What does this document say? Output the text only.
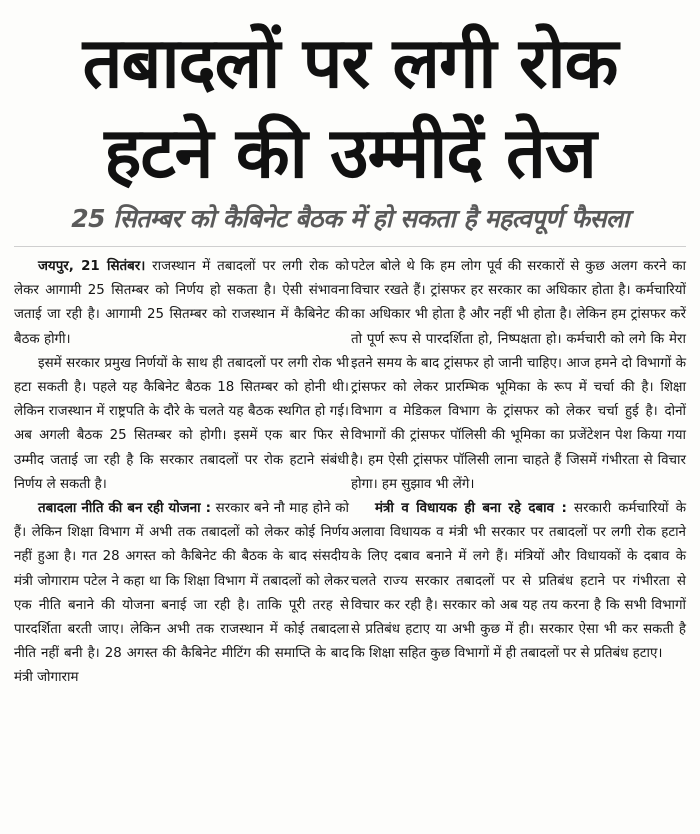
तबादलों पर लगी रोक
हटने की उम्मीदें तेज
25 सितम्बर को कैबिनेट बैठक में हो सकता है महत्वपूर्ण फैसला

जयपुर, 21 सितंबर। राजस्थान में तबादलों पर लगी रोक को लेकर आगामी 25 सितम्बर को निर्णय हो सकता है। ऐसी संभावना जताई जा रही है। आगामी 25 सितम्बर को राजस्थान में कैबिनेट की बैठक होगी।

इसमें सरकार प्रमुख निर्णयों के साथ ही तबादलों पर लगी रोक भी हटा सकती है। पहले यह कैबिनेट बैठक 18 सितम्बर को होनी थी। लेकिन राजस्थान में राष्ट्रपति के दौरे के चलते यह बैठक स्थगित हो गई। अब अगली बैठक 25 सितम्बर को होगी। इसमें एक बार फिर से उम्मीद जताई जा रही है कि सरकार तबादलों पर रोक हटाने संबंधी निर्णय ले सकती है।

तबादला नीति की बन रही योजना : सरकार बने नौ माह होने को हैं। लेकिन शिक्षा विभाग में अभी तक तबादलों को लेकर कोई निर्णय नहीं हुआ है। गत 28 अगस्त को कैबिनेट की बैठक के बाद संसदीय मंत्री जोगाराम पटेल ने कहा था कि शिक्षा विभाग में तबादलों को लेकर एक नीति बनाने की योजना बनाई जा रही है। ताकि पूरी तरह से पारदर्शिता बरती जाए। लेकिन अभी तक राजस्थान में कोई तबादला नीति नहीं बनी है। 28 अगस्त की कैबिनेट मीटिंग की समाप्ति के बाद मंत्री जोगाराम

पटेल बोले थे कि हम लोग पूर्व की सरकारों से कुछ अलग करने का विचार रखते हैं। ट्रांसफर हर सरकार का अधिकार होता है। कर्मचारियों का अधिकार भी होता है और नहीं भी होता है। लेकिन हम ट्रांसफर करें तो पूर्ण रूप से पारदर्शिता हो, निष्पक्षता हो। कर्मचारी को लगे कि मेरा इतने समय के बाद ट्रांसफर हो जानी चाहिए। आज हमने दो विभागों के ट्रांसफर को लेकर प्रारम्भिक भूमिका के रूप में चर्चा की है। शिक्षा विभाग व मेडिकल विभाग के ट्रांसफर को लेकर चर्चा हुई है। दोनों विभागों की ट्रांसफर पॉलिसी की भूमिका का प्रजेंटेशन पेश किया गया है। हम ऐसी ट्रांसफर पॉलिसी लाना चाहते हैं जिसमें गंभीरता से विचार होगा। हम सुझाव भी लेंगे।

मंत्री व विधायक ही बना रहे दबाव : सरकारी कर्मचारियों के अलावा विधायक व मंत्री भी सरकार पर तबादलों पर लगी रोक हटाने के लिए दबाव बनाने में लगे हैं। मंत्रियों और विधायकों के दबाव के चलते राज्य सरकार तबादलों पर से प्रतिबंध हटाने पर गंभीरता से विचार कर रही है। सरकार को अब यह तय करना है कि सभी विभागों से प्रतिबंध हटाए या अभी कुछ में ही। सरकार ऐसा भी कर सकती है कि शिक्षा सहित कुछ विभागों में ही तबादलों पर से प्रतिबंध हटाए।
